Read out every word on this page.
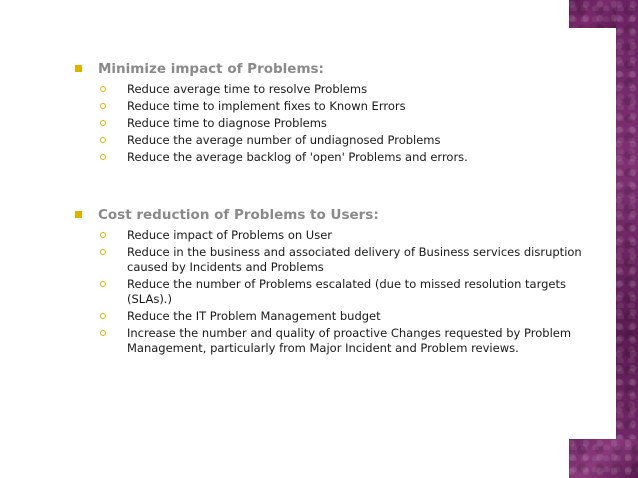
Minimize impact of Problems:
Reduce average time to resolve Problems
Reduce time to implement fixes to Known Errors
Reduce time to diagnose Problems
Reduce the average number of undiagnosed Problems
Reduce the average backlog of 'open' Problems and errors.
Cost reduction of Problems to Users:
Reduce impact of Problems on User
Reduce in the business and associated delivery of Business services disruption caused by Incidents and Problems
Reduce the number of Problems escalated (due to missed resolution targets (SLAs).)
Reduce the IT Problem Management budget
Increase the number and quality of proactive Changes requested by Problem Management, particularly from Major Incident and Problem reviews.
